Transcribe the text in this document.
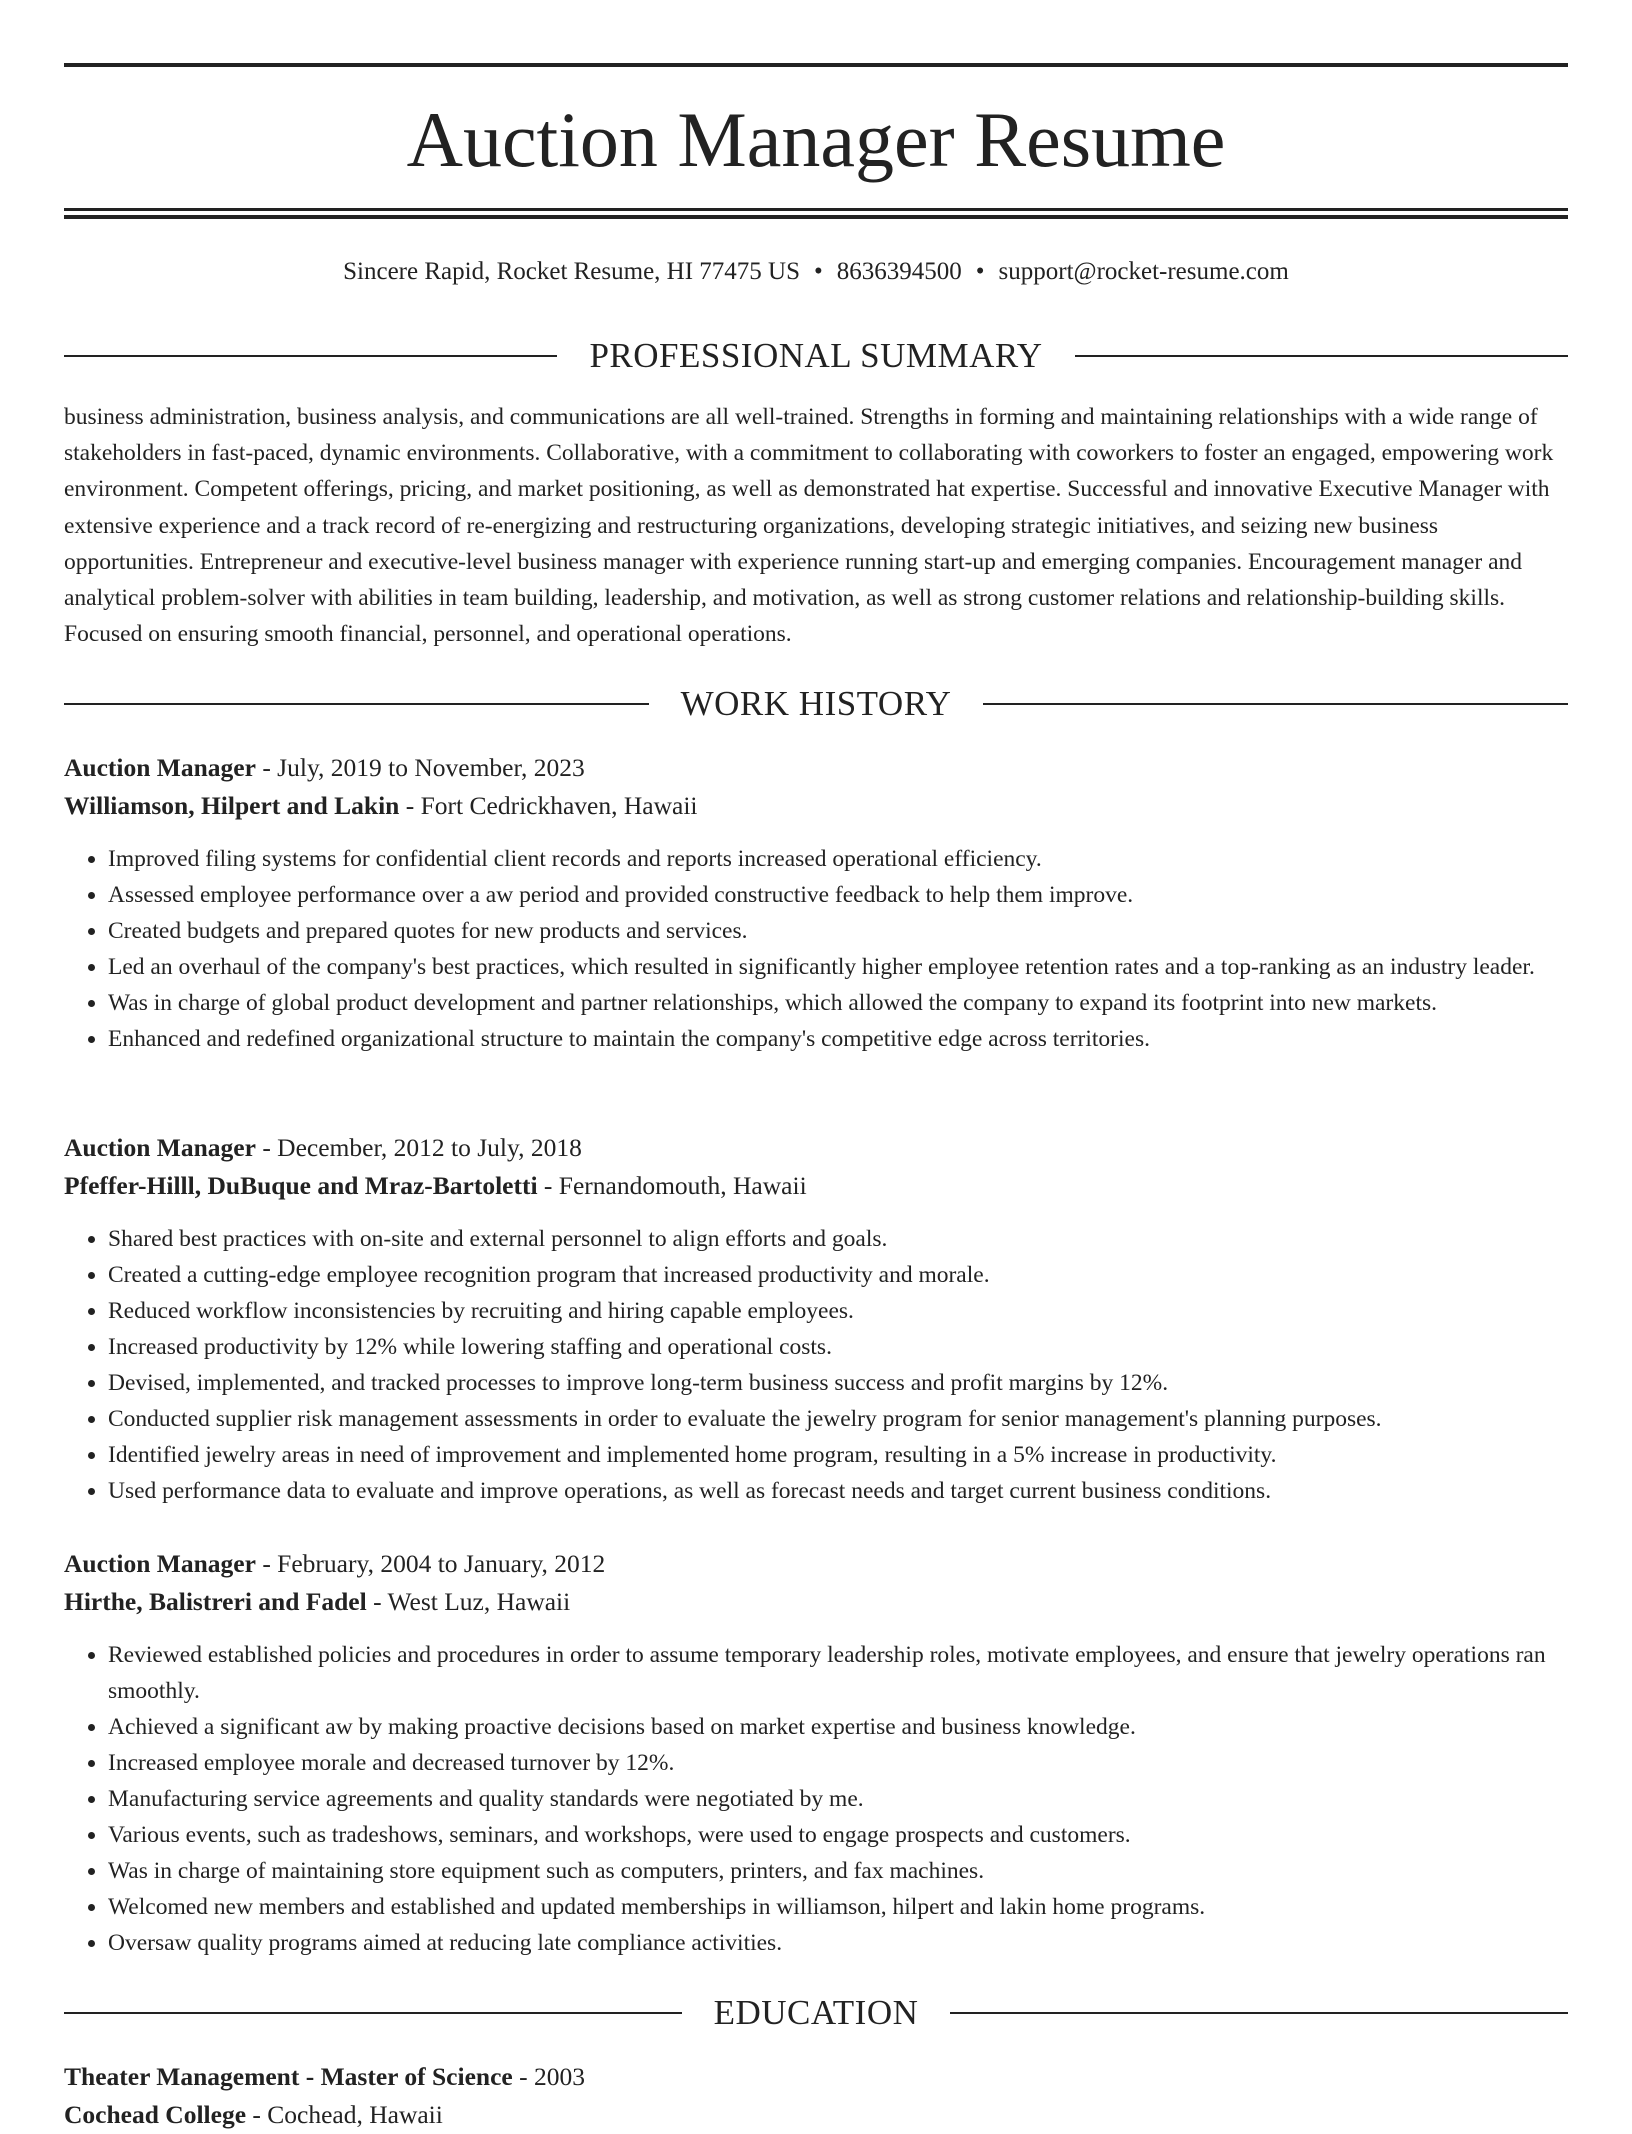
Auction Manager Resume
Sincere Rapid, Rocket Resume, HI 77475 US • 8636394500 • support@rocket-resume.com
PROFESSIONAL SUMMARY

business administration, business analysis, and communications are all well-trained. Strengths in forming and maintaining relationships with a wide range of stakeholders in fast-paced, dynamic environments. Collaborative, with a commitment to collaborating with coworkers to foster an engaged, empowering work environment. Competent offerings, pricing, and market positioning, as well as demonstrated hat expertise. Successful and innovative Executive Manager with extensive experience and a track record of re-energizing and restructuring organizations, developing strategic initiatives, and seizing new business opportunities. Entrepreneur and executive-level business manager with experience running start-up and emerging companies. Encouragement manager and analytical problem-solver with abilities in team building, leadership, and motivation, as well as strong customer relations and relationship-building skills. Focused on ensuring smooth financial, personnel, and operational operations.

WORK HISTORY
Auction Manager - July, 2019 to November, 2023
Williamson, Hilpert and Lakin - Fort Cedrickhaven, Hawaii
• Improved filing systems for confidential client records and reports increased operational efficiency.
• Assessed employee performance over a aw period and provided constructive feedback to help them improve.
• Created budgets and prepared quotes for new products and services.
• Led an overhaul of the company's best practices, which resulted in significantly higher employee retention rates and a top-ranking as an industry leader.
• Was in charge of global product development and partner relationships, which allowed the company to expand its footprint into new markets.
• Enhanced and redefined organizational structure to maintain the company's competitive edge across territories.
Auction Manager - December, 2012 to July, 2018
Pfeffer-Hilll, DuBuque and Mraz-Bartoletti - Fernandomouth, Hawaii
• Shared best practices with on-site and external personnel to align efforts and goals.
• Created a cutting-edge employee recognition program that increased productivity and morale.
• Reduced workflow inconsistencies by recruiting and hiring capable employees.
• Increased productivity by 12% while lowering staffing and operational costs.
• Devised, implemented, and tracked processes to improve long-term business success and profit margins by 12%.
• Conducted supplier risk management assessments in order to evaluate the jewelry program for senior management's planning purposes.
• Identified jewelry areas in need of improvement and implemented home program, resulting in a 5% increase in productivity.
• Used performance data to evaluate and improve operations, as well as forecast needs and target current business conditions.
Auction Manager - February, 2004 to January, 2012
Hirthe, Balistreri and Fadel - West Luz, Hawaii
• Reviewed established policies and procedures in order to assume temporary leadership roles, motivate employees, and ensure that jewelry operations ran smoothly.
• Achieved a significant aw by making proactive decisions based on market expertise and business knowledge.
• Increased employee morale and decreased turnover by 12%.
• Manufacturing service agreements and quality standards were negotiated by me.
• Various events, such as tradeshows, seminars, and workshops, were used to engage prospects and customers.
• Was in charge of maintaining store equipment such as computers, printers, and fax machines.
• Welcomed new members and established and updated memberships in williamson, hilpert and lakin home programs.
• Oversaw quality programs aimed at reducing late compliance activities.
EDUCATION
Theater Management - Master of Science - 2003
Cochead College - Cochead, Hawaii
